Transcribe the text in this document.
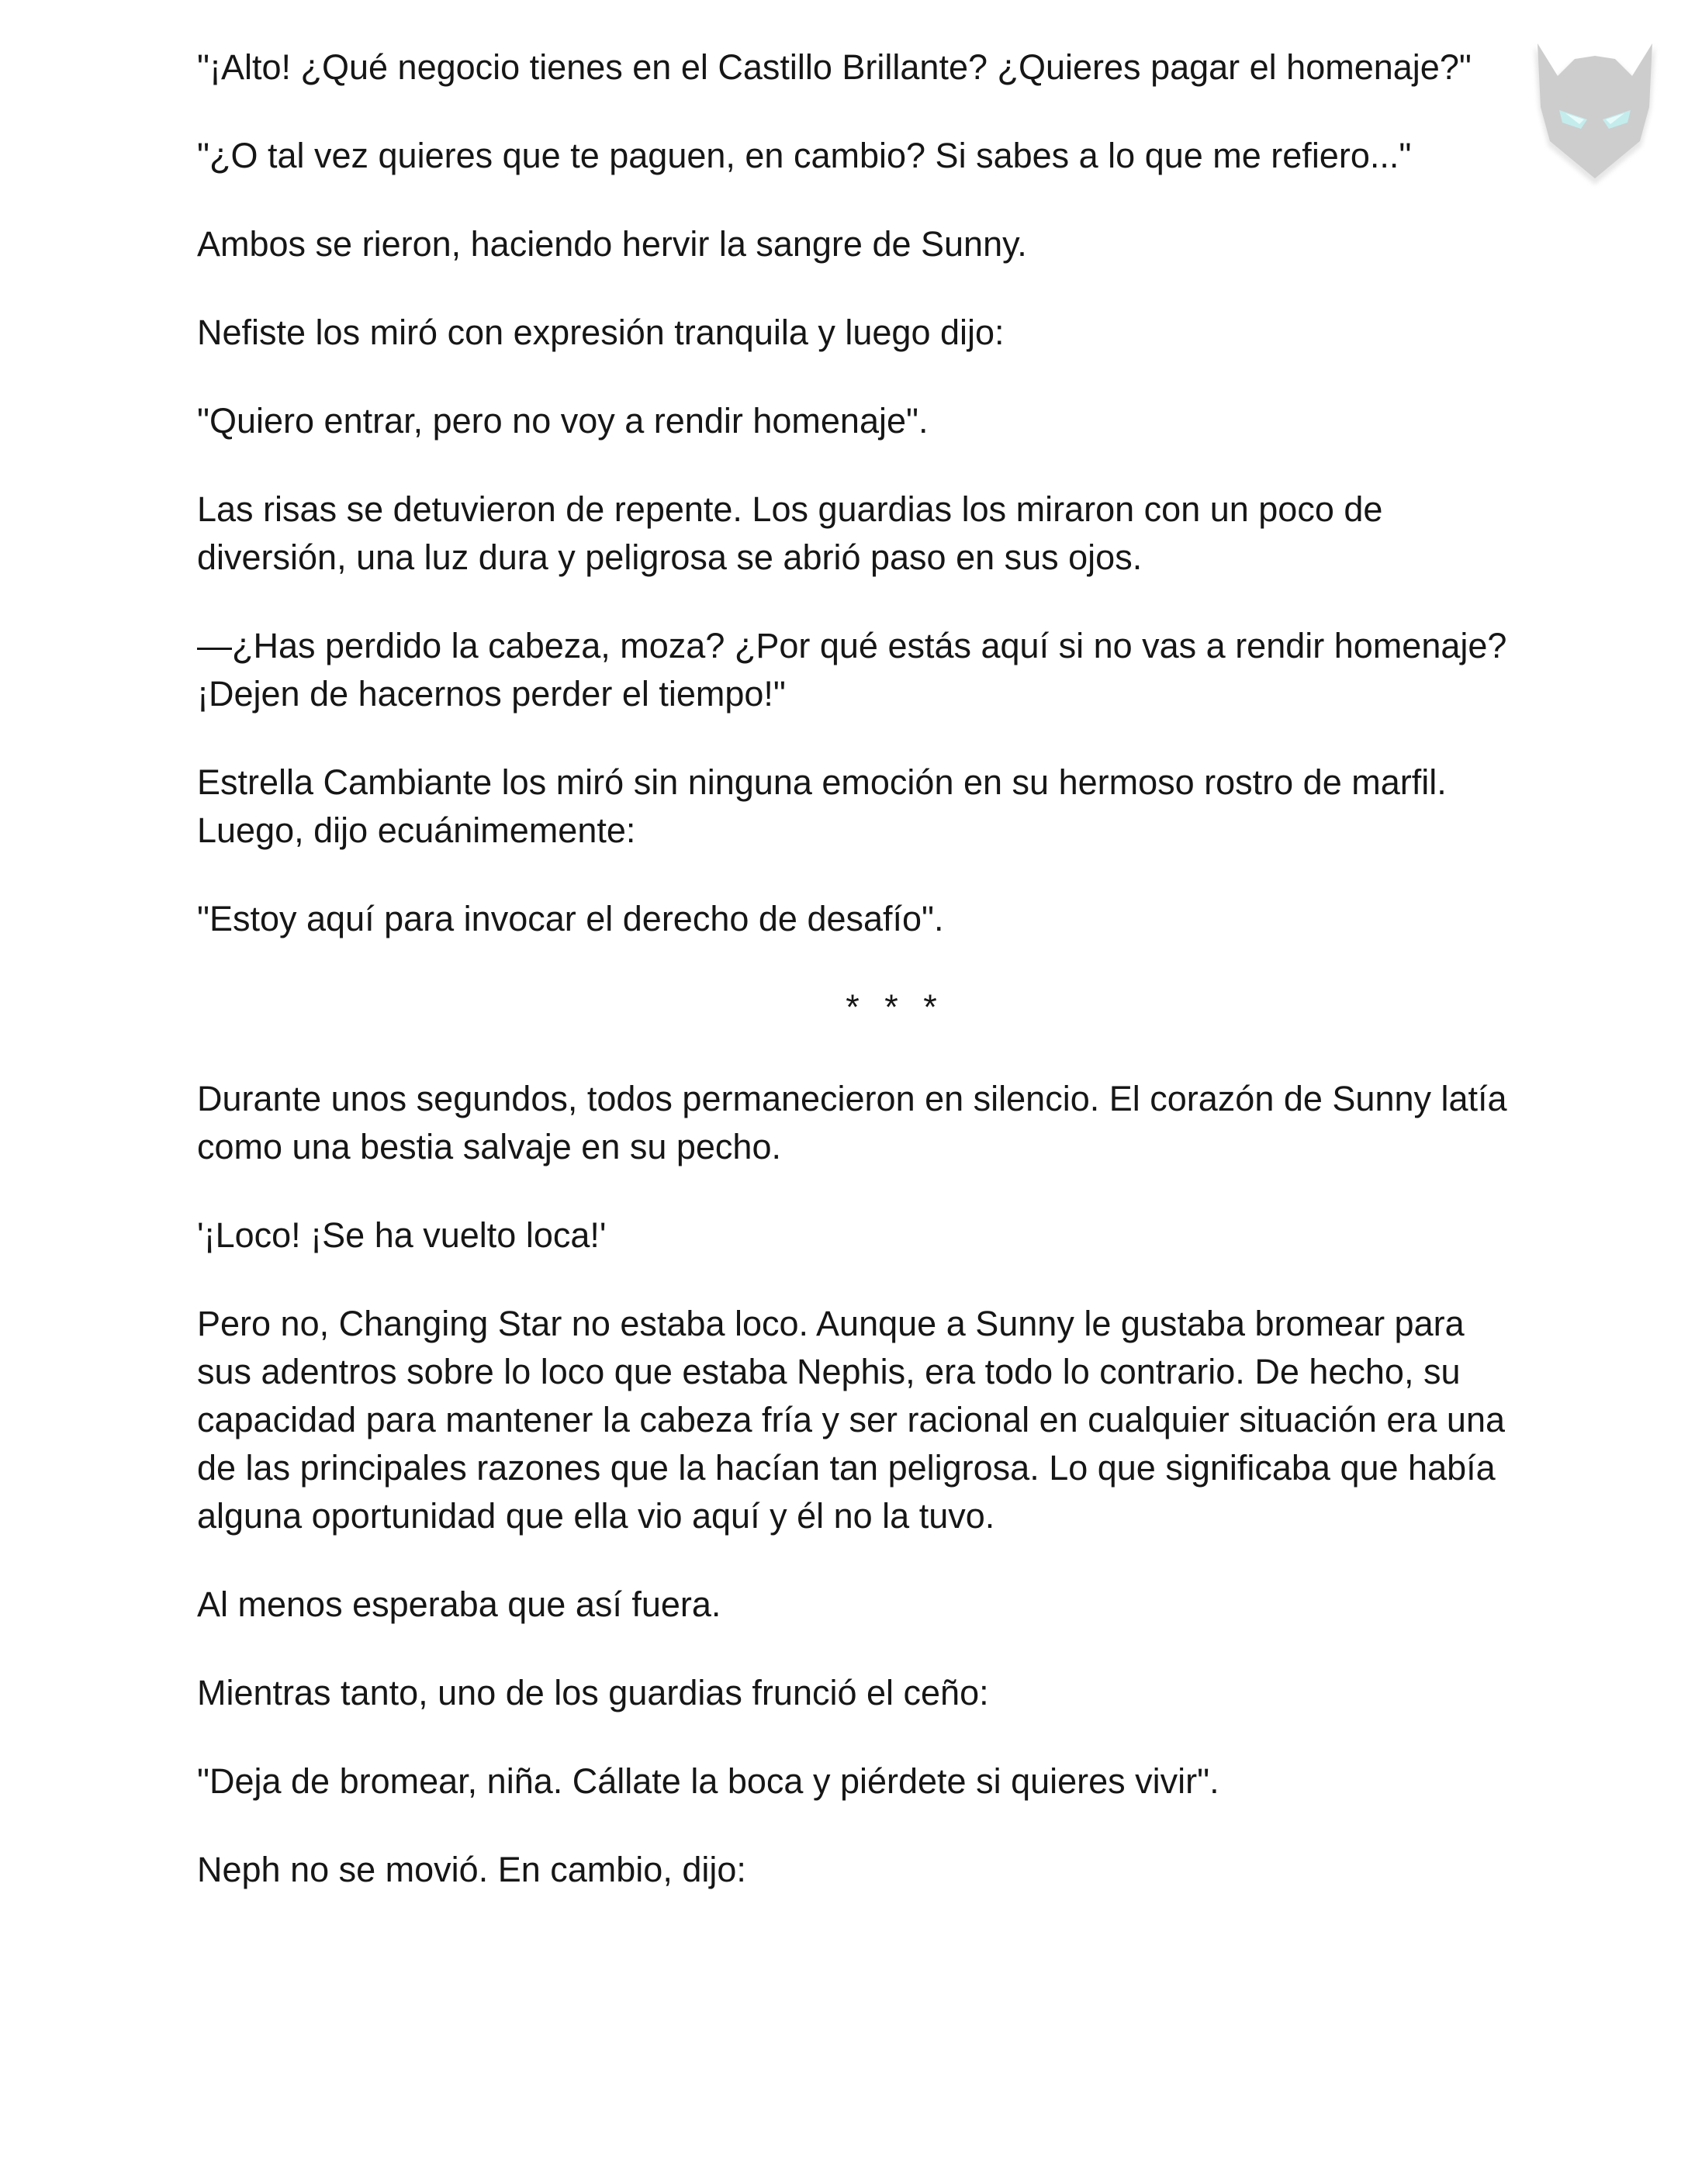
"¡Alto! ¿Qué negocio tienes en el Castillo Brillante? ¿Quieres pagar el homenaje?"

"¿O tal vez quieres que te paguen, en cambio? Si sabes a lo que me refiero..."

Ambos se rieron, haciendo hervir la sangre de Sunny.

Nefiste los miró con expresión tranquila y luego dijo:

"Quiero entrar, pero no voy a rendir homenaje".

Las risas se detuvieron de repente. Los guardias los miraron con un poco de diversión, una luz dura y peligrosa se abrió paso en sus ojos.

—¿Has perdido la cabeza, moza? ¿Por qué estás aquí si no vas a rendir homenaje? ¡Dejen de hacernos perder el tiempo!"

Estrella Cambiante los miró sin ninguna emoción en su hermoso rostro de marfil. Luego, dijo ecuánimemente:

"Estoy aquí para invocar el derecho de desafío".

* * *

Durante unos segundos, todos permanecieron en silencio. El corazón de Sunny latía como una bestia salvaje en su pecho.

'¡Loco! ¡Se ha vuelto loca!'

Pero no, Changing Star no estaba loco. Aunque a Sunny le gustaba bromear para sus adentros sobre lo loco que estaba Nephis, era todo lo contrario. De hecho, su capacidad para mantener la cabeza fría y ser racional en cualquier situación era una de las principales razones que la hacían tan peligrosa. Lo que significaba que había alguna oportunidad que ella vio aquí y él no la tuvo.

Al menos esperaba que así fuera.

Mientras tanto, uno de los guardias frunció el ceño:

"Deja de bromear, niña. Cállate la boca y piérdete si quieres vivir".

Neph no se movió. En cambio, dijo:
